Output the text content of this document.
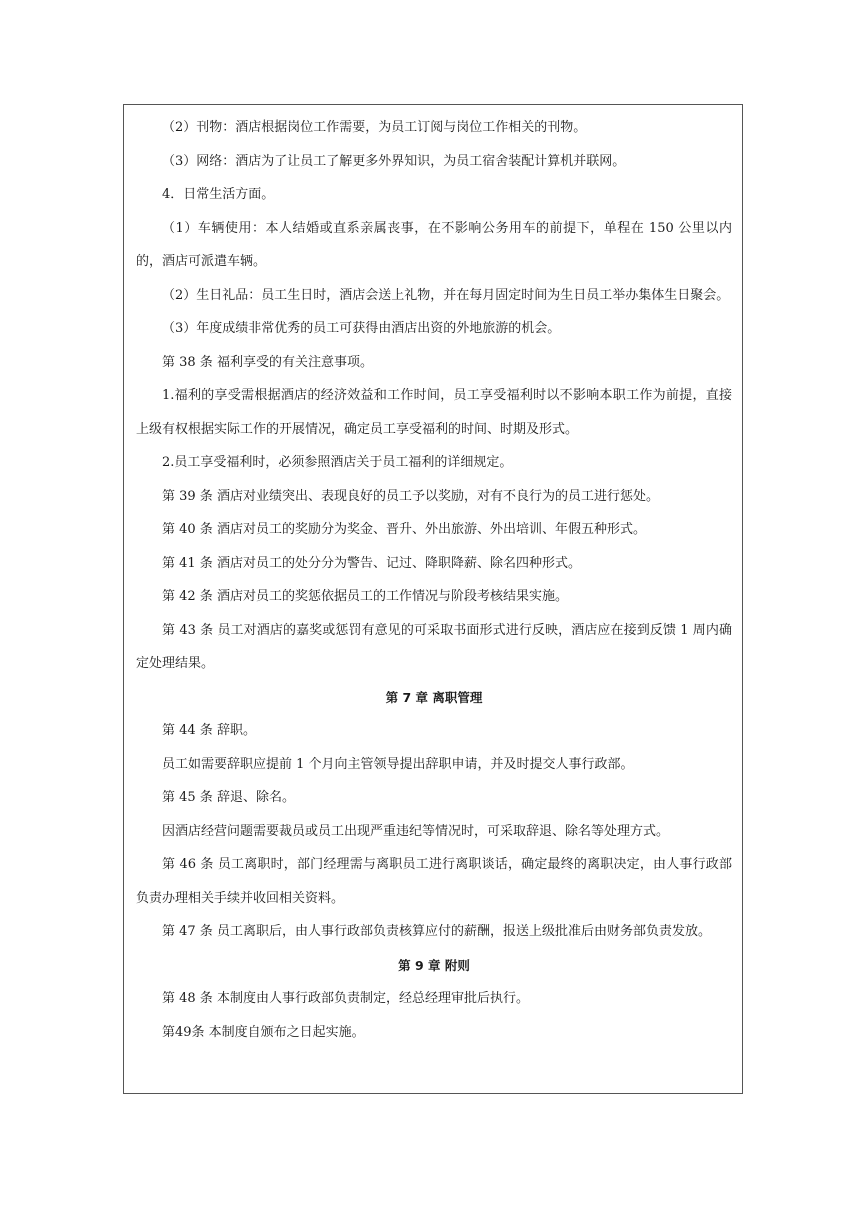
（2）刊物：酒店根据岗位工作需要，为员工订阅与岗位工作相关的刊物。

（3）网络：酒店为了让员工了解更多外界知识，为员工宿舍装配计算机并联网。

4．日常生活方面。

（1）车辆使用：本人结婚或直系亲属丧事，在不影响公务用车的前提下，单程在 150 公里以内的，酒店可派遣车辆。

（2）生日礼品：员工生日时，酒店会送上礼物，并在每月固定时间为生日员工举办集体生日聚会。

（3）年度成绩非常优秀的员工可获得由酒店出资的外地旅游的机会。

第 38 条 福利享受的有关注意事项。

1.福利的享受需根据酒店的经济效益和工作时间，员工享受福利时以不影响本职工作为前提，直接上级有权根据实际工作的开展情况，确定员工享受福利的时间、时期及形式。

2.员工享受福利时，必须参照酒店关于员工福利的详细规定。

第 39 条 酒店对业绩突出、表现良好的员工予以奖励，对有不良行为的员工进行惩处。

第 40 条 酒店对员工的奖励分为奖金、晋升、外出旅游、外出培训、年假五种形式。

第 41 条 酒店对员工的处分分为警告、记过、降职降薪、除名四种形式。

第 42 条 酒店对员工的奖惩依据员工的工作情况与阶段考核结果实施。

第 43 条 员工对酒店的嘉奖或惩罚有意见的可采取书面形式进行反映，酒店应在接到反馈 1 周内确定处理结果。

第 7 章 离职管理

第 44 条 辞职。

员工如需要辞职应提前 1 个月向主管领导提出辞职申请，并及时提交人事行政部。

第 45 条 辞退、除名。

因酒店经营问题需要裁员或员工出现严重违纪等情况时，可采取辞退、除名等处理方式。

第 46 条 员工离职时，部门经理需与离职员工进行离职谈话，确定最终的离职决定，由人事行政部负责办理相关手续并收回相关资料。

第 47 条 员工离职后，由人事行政部负责核算应付的薪酬，报送上级批准后由财务部负责发放。

第 9 章 附则

第 48 条 本制度由人事行政部负责制定，经总经理审批后执行。

第49条 本制度自颁布之日起实施。
